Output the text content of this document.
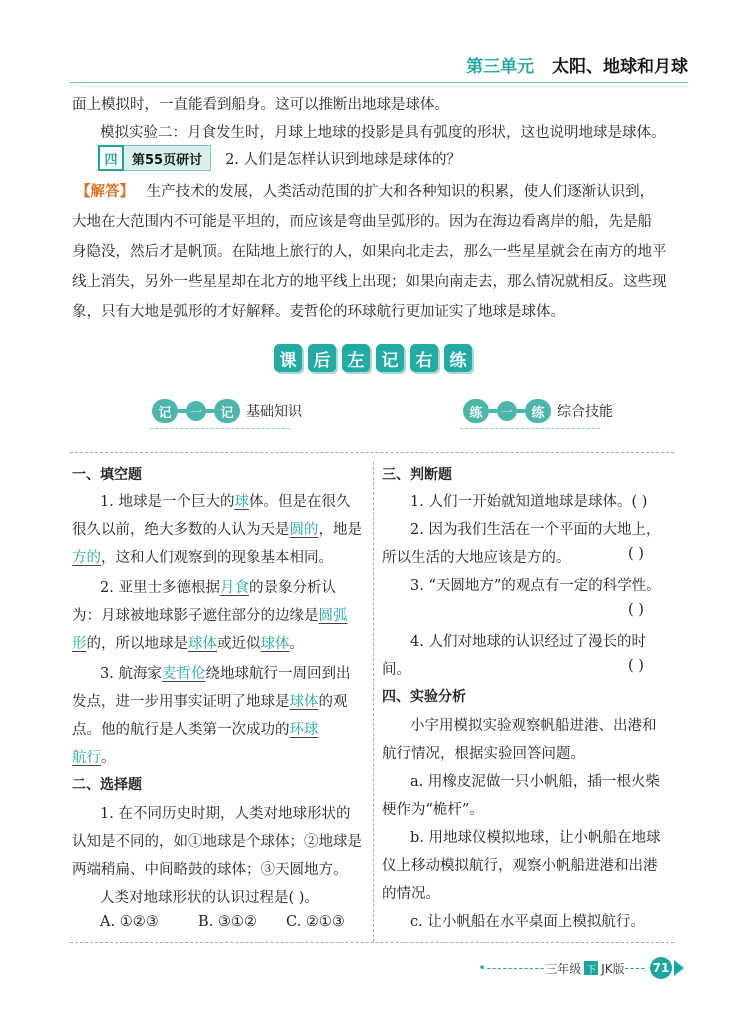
第三单元 太阳、地球和月球
面上模拟时，一直能看到船身。这可以推断出地球是球体。
模拟实验二：月食发生时，月球上地球的投影是具有弧度的形状，这也说明地球是球体。
四	第55页研讨	2. 人们是怎样认识到地球是球体的？
【解答】 生产技术的发展，人类活动范围的扩大和各种知识的积累，使人们逐渐认识到，
大地在大范围内不可能是平坦的，而应该是弯曲呈弧形的。因为在海边看离岸的船，先是船
身隐没，然后才是帆顶。在陆地上旅行的人，如果向北走去，那么一些星星就会在南方的地平
线上消失，另外一些星星却在北方的地平线上出现；如果向南走去，那么情况就相反。这些现
象，只有大地是弧形的才好解释。麦哲伦的环球航行更加证实了地球是球体。
课	后	左	记	右	练
记	一	记 基础知识	练	一	练 综合技能
一、填空题
1. 地球是一个巨大的球体。但是在很久
很久以前，绝大多数的人认为天是圆的，地是
方的，这和人们观察到的现象基本相同。
2. 亚里士多德根据月食的景象分析认
为：月球被地球影子遮住部分的边缘是圆弧
形的，所以地球是球体或近似球体。
3. 航海家麦哲伦绕地球航行一周回到出
发点，进一步用事实证明了地球是球体的观
点。他的航行是人类第一次成功的环球
航行。
二、选择题
1. 在不同历史时期，人类对地球形状的
认知是不同的，如①地球是个球体；②地球是
两端稍扁、中间略鼓的球体；③天圆地方。
人类对地球形状的认识过程是( )。
A. ①②③	B. ③①② C. ②①③
三、判断题
1. 人们一开始就知道地球是球体。( )
2. 因为我们生活在一个平面的大地上，
所以生活的大地应该是方的。	( )
3. “天圆地方”的观点有一定的科学性。
( )
4. 人们对地球的认识经过了漫长的时
间。	( )
四、实验分析
小宇用模拟实验观察帆船进港、出港和
航行情况，根据实验回答问题。
a. 用橡皮泥做一只小帆船，插一根火柴
梗作为“桅杆”。
b. 用地球仪模拟地球，让小帆船在地球
仪上移动模拟航行，观察小帆船进港和出港
的情况。
c. 让小帆船在水平桌面上模拟航行。
•----------- 三年级 下 JK版 ---- 71
